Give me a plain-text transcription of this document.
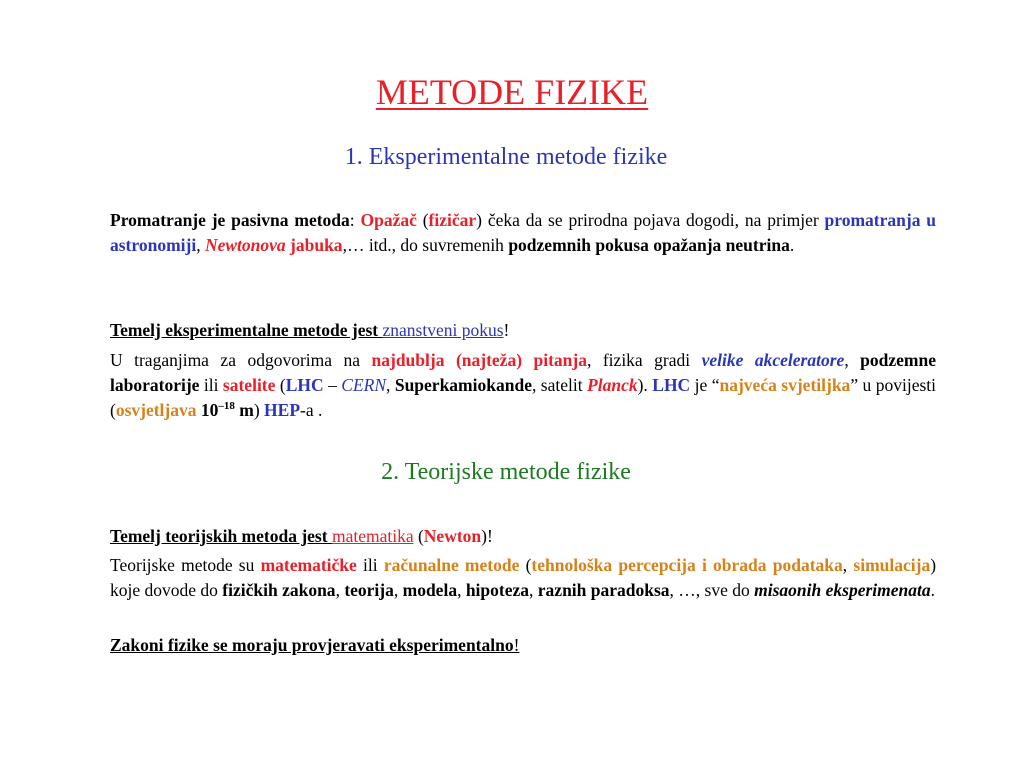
METODE FIZIKE
1. Eksperimentalne metode fizike

Promatranje je pasivna metoda: Opažač (fizičar) čeka da se prirodna pojava dogodi, na primjer promatranja u astronomiji, Newtonova jabuka,… itd., do suvremenih podzemnih pokusa opažanja neutrina.

Temelj eksperimentalne metode jest znanstveni pokus!

U traganjima za odgovorima na najdublja (najteža) pitanja, fizika gradi velike akceleratore, podzemne laboratorije ili satelite (LHC – CERN, Superkamiokande, satelit Planck). LHC je “najveća svjetiljka” u povijesti (osvjetljava $10^{-18}$ m) HEP-a .

2. Teorijske metode fizike

Temelj teorijskih metoda jest matematika (Newton)!

Teorijske metode su matematičke ili računalne metode (tehnološka percepcija i obrada podataka, simulacija) koje dovode do fizičkih zakona, teorija, modela, hipoteza, raznih paradoksa, …, sve do misaonih eksperimenata.

Zakoni fizike se moraju provjeravati eksperimentalno!
